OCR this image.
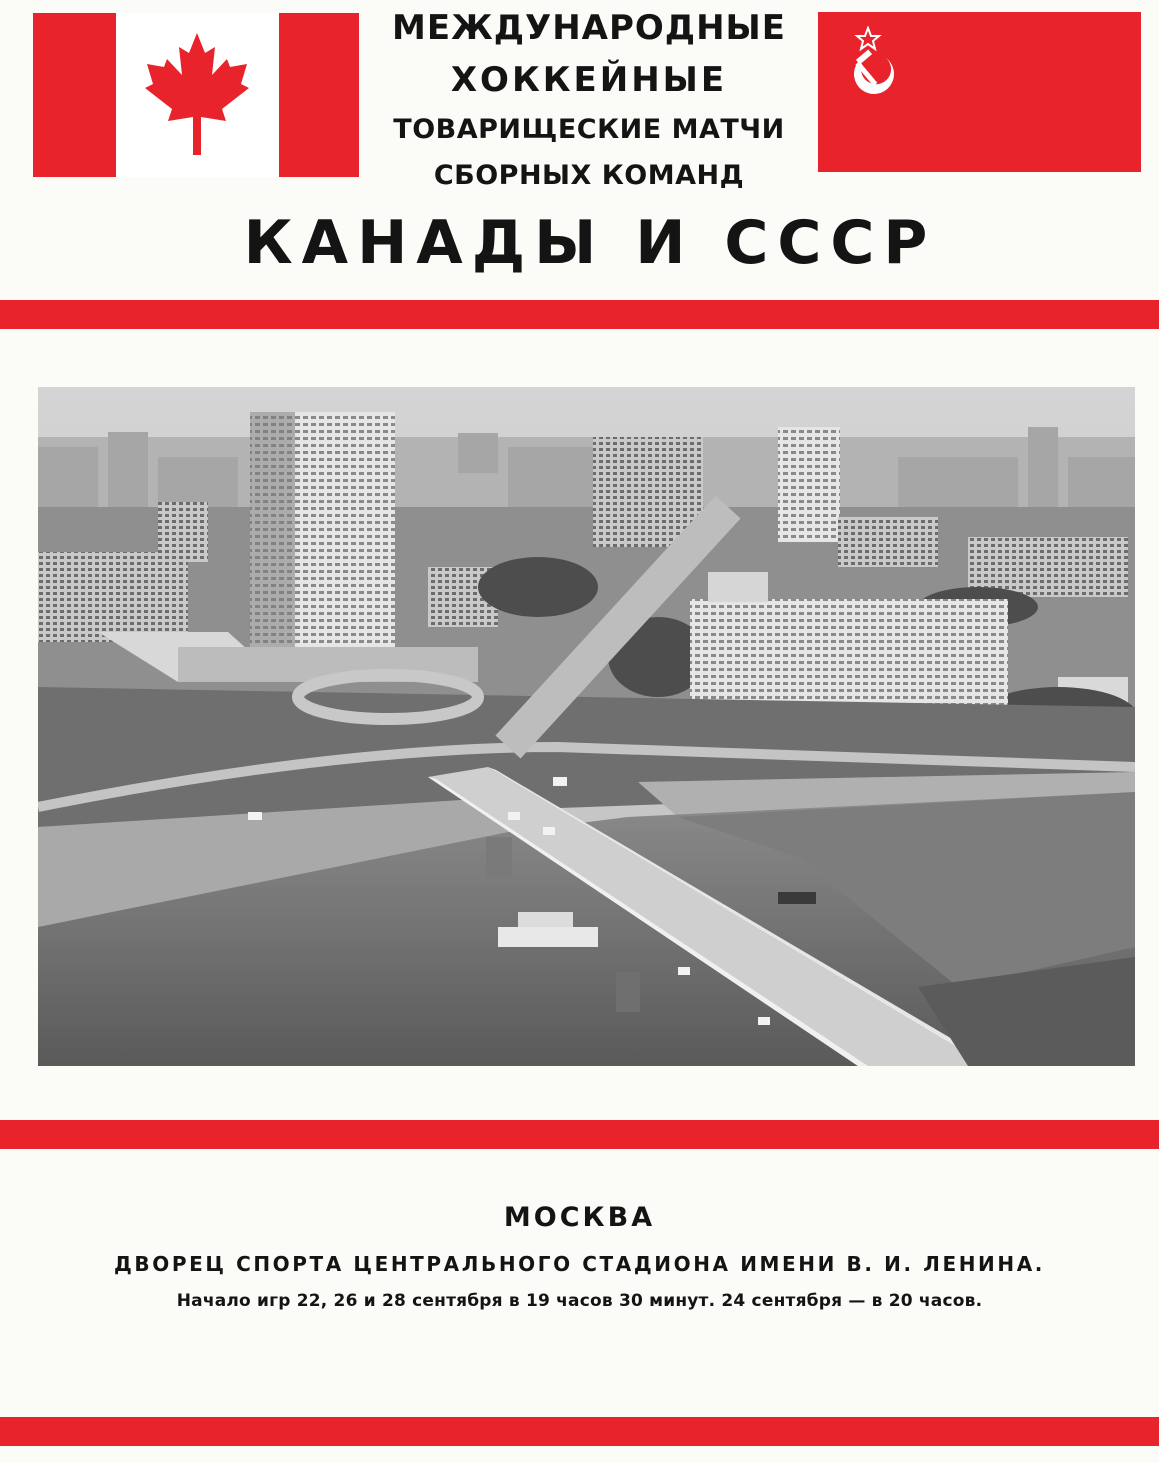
МЕЖДУНАРОДНЫЕ
ХОККЕЙНЫЕ
ТОВАРИЩЕСКИЕ МАТЧИ
СБОРНЫХ КОМАНД
КАНАДЫ И СССР
МОСКВА
ДВОРЕЦ СПОРТА ЦЕНТРАЛЬНОГО СТАДИОНА ИМЕНИ В. И. ЛЕНИНА.
Начало игр 22, 26 и 28 сентября в 19 часов 30 минут. 24 сентября — в 20 часов.
